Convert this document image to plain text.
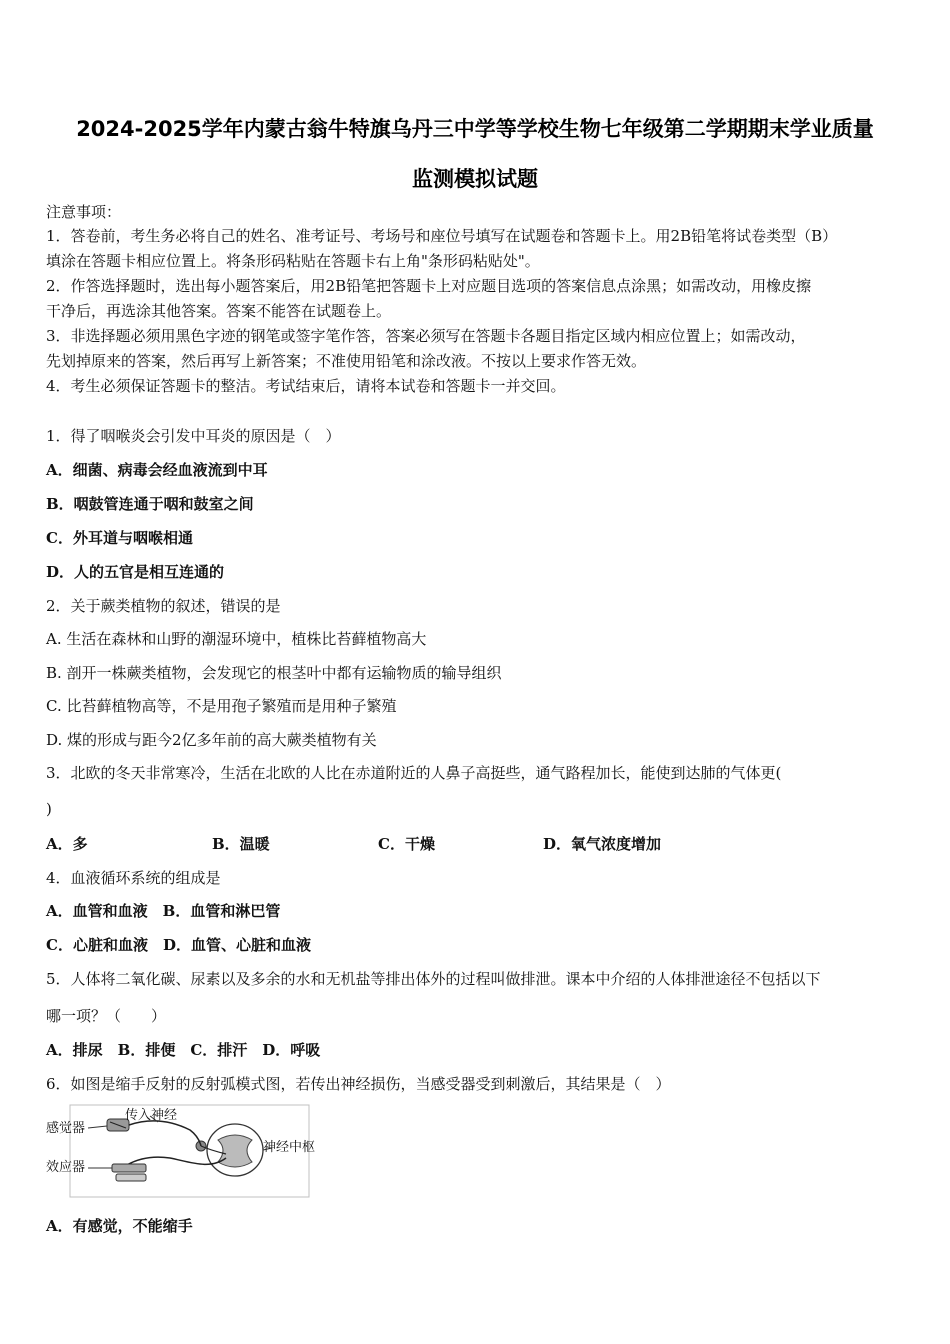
2024-2025学年内蒙古翁牛特旗乌丹三中学等学校生物七年级第二学期期末学业质量
监测模拟试题
注意事项：
1．答卷前，考生务必将自己的姓名、准考证号、考场号和座位号填写在试题卷和答题卡上。用2B铅笔将试卷类型（B）
填涂在答题卡相应位置上。将条形码粘贴在答题卡右上角"条形码粘贴处"。
2．作答选择题时，选出每小题答案后，用2B铅笔把答题卡上对应题目选项的答案信息点涂黑；如需改动，用橡皮擦
干净后，再选涂其他答案。答案不能答在试题卷上。
3．非选择题必须用黑色字迹的钢笔或签字笔作答，答案必须写在答题卡各题目指定区域内相应位置上；如需改动，
先划掉原来的答案，然后再写上新答案；不准使用铅笔和涂改液。不按以上要求作答无效。
4．考生必须保证答题卡的整洁。考试结束后，请将本试卷和答题卡一并交回。
1．得了咽喉炎会引发中耳炎的原因是（　）
A．细菌、病毒会经血液流到中耳
B．咽鼓管连通于咽和鼓室之间
C．外耳道与咽喉相通
D．人的五官是相互连通的
2．关于蕨类植物的叙述，错误的是
A. 生活在森林和山野的潮湿环境中，植株比苔藓植物高大
B. 剖开一株蕨类植物，会发现它的根茎叶中都有运输物质的输导组织
C. 比苔藓植物高等，不是用孢子繁殖而是用种子繁殖
D. 煤的形成与距今2亿多年前的高大蕨类植物有关
3．北欧的冬天非常寒冷，生活在北欧的人比在赤道附近的人鼻子高挺些，通气路程加长，能使到达肺的气体更(
)
A．多	B．温暖	C．干燥	D．氧气浓度增加
4．血液循环系统的组成是
A．血管和血液　B．血管和淋巴管
C．心脏和血液　D．血管、心脏和血液
5．人体将二氧化碳、尿素以及多余的水和无机盐等排出体外的过程叫做排泄。课本中介绍的人体排泄途径不包括以下
哪一项？（　　）
A．排尿　B．排便　C．排汗　D．呼吸
6．如图是缩手反射的反射弧模式图，若传出神经损伤，当感受器受到刺激后，其结果是（　）
感觉器
传入神经
神经中枢
效应器
A．有感觉，不能缩手
